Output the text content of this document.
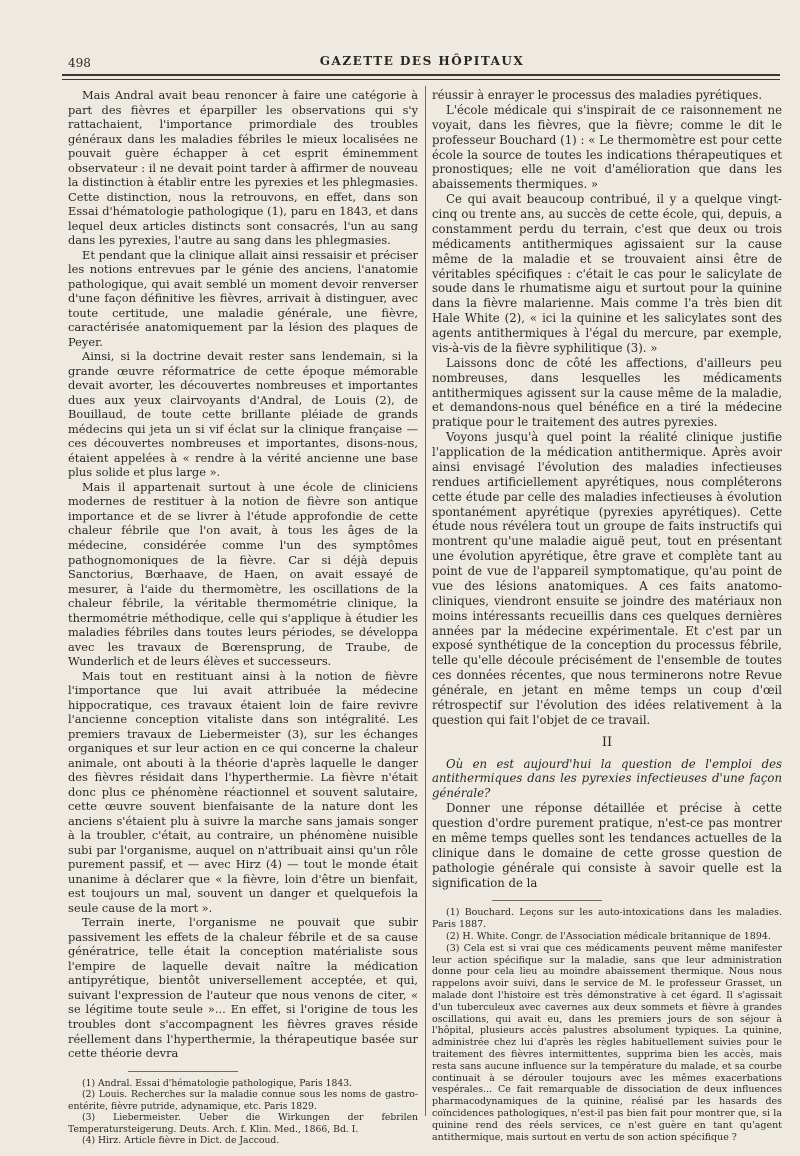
498	GAZETTE DES HÔPITAUX

Mais Andral avait beau renoncer à faire une catégorie à part des fièvres et éparpiller les observations qui s'y rattachaient, l'importance primordiale des troubles généraux dans les maladies fébriles le mieux localisées ne pouvait guère échapper à cet esprit éminemment observateur : il ne devait point tarder à affirmer de nouveau la distinction à établir entre les pyrexies et les phlegmasies. Cette distinction, nous la retrouvons, en effet, dans son Essai d'hématologie pathologique (1), paru en 1843, et dans lequel deux articles distincts sont consacrés, l'un au sang dans les pyrexies, l'autre au sang dans les phlegmasies.

Et pendant que la clinique allait ainsi ressaisir et préciser les notions entrevues par le génie des anciens, l'anatomie pathologique, qui avait semblé un moment devoir renverser d'une façon définitive les fièvres, arrivait à distinguer, avec toute certitude, une maladie générale, une fièvre, caractérisée anatomiquement par la lésion des plaques de Peyer.

Ainsi, si la doctrine devait rester sans lendemain, si la grande œuvre réformatrice de cette époque mémorable devait avorter, les découvertes nombreuses et importantes dues aux yeux clairvoyants d'Andral, de Louis (2), de Bouillaud, de toute cette brillante pléiade de grands médecins qui jeta un si vif éclat sur la clinique française — ces découvertes nombreuses et importantes, disons-nous, étaient appelées à « rendre à la vérité ancienne une base plus solide et plus large ».

Mais il appartenait surtout à une école de cliniciens modernes de restituer à la notion de fièvre son antique importance et de se livrer à l'étude approfondie de cette chaleur fébrile que l'on avait, à tous les âges de la médecine, considérée comme l'un des symptômes pathognomoniques de la fièvre. Car si déjà depuis Sanctorius, Bœrhaave, de Haen, on avait essayé de mesurer, à l'aide du thermomètre, les oscillations de la chaleur fébrile, la véritable thermométrie clinique, la thermométrie méthodique, celle qui s'applique à étudier les maladies fébriles dans toutes leurs périodes, se développa avec les travaux de Bœrensprung, de Traube, de Wunderlich et de leurs élèves et successeurs.

Mais tout en restituant ainsi à la notion de fièvre l'importance que lui avait attribuée la médecine hippocratique, ces travaux étaient loin de faire revivre l'ancienne conception vitaliste dans son intégralité. Les premiers travaux de Liebermeister (3), sur les échanges organiques et sur leur action en ce qui concerne la chaleur animale, ont abouti à la théorie d'après laquelle le danger des fièvres résidait dans l'hyperthermie. La fièvre n'était donc plus ce phénomène réactionnel et souvent salutaire, cette œuvre souvent bienfaisante de la nature dont les anciens s'étaient plu à suivre la marche sans jamais songer à la troubler, c'était, au contraire, un phénomène nuisible subi par l'organisme, auquel on n'attribuait ainsi qu'un rôle purement passif, et — avec Hirz (4) — tout le monde était unanime à déclarer que « la fièvre, loin d'être un bienfait, est toujours un mal, souvent un danger et quelquefois la seule cause de la mort ».

Terrain inerte, l'organisme ne pouvait que subir passivement les effets de la chaleur fébrile et de sa cause génératrice, telle était la conception matérialiste sous l'empire de laquelle devait naître la médication antipyrétique, bientôt universellement acceptée, et qui, suivant l'expression de l'auteur que nous venons de citer, « se légitime toute seule »... En effet, si l'origine de tous les troubles dont s'accompagnent les fièvres graves réside réellement dans l'hyperthermie, la thérapeutique basée sur cette théorie devra

(1) Andral. Essai d'hématologie pathologique, Paris 1843.

(2) Louis. Recherches sur la maladie connue sous les noms de gastro-entérite, fièvre putride, adynamique, etc. Paris 1829.

(3) Liebermeister. Ueber die Wirkungen der febrilen Temperatursteigerung. Deuts. Arch. f. Klin. Med., 1866, Bd. I.

(4) Hirz. Article fièvre in Dict. de Jaccoud.

réussir à enrayer le processus des maladies pyrétiques.

L'école médicale qui s'inspirait de ce raisonnement ne voyait, dans les fièvres, que la fièvre; comme le dit le professeur Bouchard (1) : « Le thermomètre est pour cette école la source de toutes les indications thérapeutiques et pronostiques; elle ne voit d'amélioration que dans les abaissements thermiques. »

Ce qui avait beaucoup contribué, il y a quelque vingt-cinq ou trente ans, au succès de cette école, qui, depuis, a constamment perdu du terrain, c'est que deux ou trois médicaments antithermiques agissaient sur la cause même de la maladie et se trouvaient ainsi être de véritables spécifiques : c'était le cas pour le salicylate de soude dans le rhumatisme aigu et surtout pour la quinine dans la fièvre malarienne. Mais comme l'a très bien dit Hale White (2), « ici la quinine et les salicylates sont des agents antithermiques à l'égal du mercure, par exemple, vis-à-vis de la fièvre syphilitique (3). »

Laissons donc de côté les affections, d'ailleurs peu nombreuses, dans lesquelles les médicaments antithermiques agissent sur la cause même de la maladie, et demandons-nous quel bénéfice en a tiré la médecine pratique pour le traitement des autres pyrexies.

Voyons jusqu'à quel point la réalité clinique justifie l'application de la médication antithermique. Après avoir ainsi envisagé l'évolution des maladies infectieuses rendues artificiellement apyrétiques, nous compléterons cette étude par celle des maladies infectieuses à évolution spontanément apyrétique (pyrexies apyrétiques). Cette étude nous révélera tout un groupe de faits instructifs qui montrent qu'une maladie aiguë peut, tout en présentant une évolution apyrétique, être grave et complète tant au point de vue de l'appareil symptomatique, qu'au point de vue des lésions anatomiques. A ces faits anatomo-cliniques, viendront ensuite se joindre des matériaux non moins intéressants recueillis dans ces quelques dernières années par la médecine expérimentale. Et c'est par un exposé synthétique de la conception du processus fébrile, telle qu'elle découle précisément de l'ensemble de toutes ces données récentes, que nous terminerons notre Revue générale, en jetant en même temps un coup d'œil rétrospectif sur l'évolution des idées relativement à la question qui fait l'objet de ce travail.

II

Où en est aujourd'hui la question de l'emploi des antithermiques dans les pyrexies infectieuses d'une façon générale?

Donner une réponse détaillée et précise à cette question d'ordre purement pratique, n'est-ce pas montrer en même temps quelles sont les tendances actuelles de la clinique dans le domaine de cette grosse question de pathologie générale qui consiste à savoir quelle est la signification de la

(1) Bouchard. Leçons sur les auto-intoxications dans les maladies. Paris 1887.

(2) H. White. Congr. de l'Association médicale britannique de 1894.

(3) Cela est si vrai que ces médicaments peuvent même manifester leur action spécifique sur la maladie, sans que leur administration donne pour cela lieu au moindre abaissement thermique. Nous nous rappelons avoir suivi, dans le service de M. le professeur Grasset, un malade dont l'histoire est très démonstrative à cet égard. Il s'agissait d'un tuberculeux avec cavernes aux deux sommets et fièvre à grandes oscillations, qui avait eu, dans les premiers jours de son séjour à l'hôpital, plusieurs accès palustres absolument typiques. La quinine, administrée chez lui d'après les règles habituellement suivies pour le traitement des fièvres intermittentes, supprima bien les accès, mais resta sans aucune influence sur la température du malade, et sa courbe continuait à se dérouler toujours avec les mêmes exacerbations vespérales... Ce fait remarquable de dissociation de deux influences pharmacodynamiques de la quinine, réalisé par les hasards des coïncidences pathologiques, n'est-il pas bien fait pour montrer que, si la quinine rend des réels services, ce n'est guère en tant qu'agent antithermique, mais surtout en vertu de son action spécifique ?
